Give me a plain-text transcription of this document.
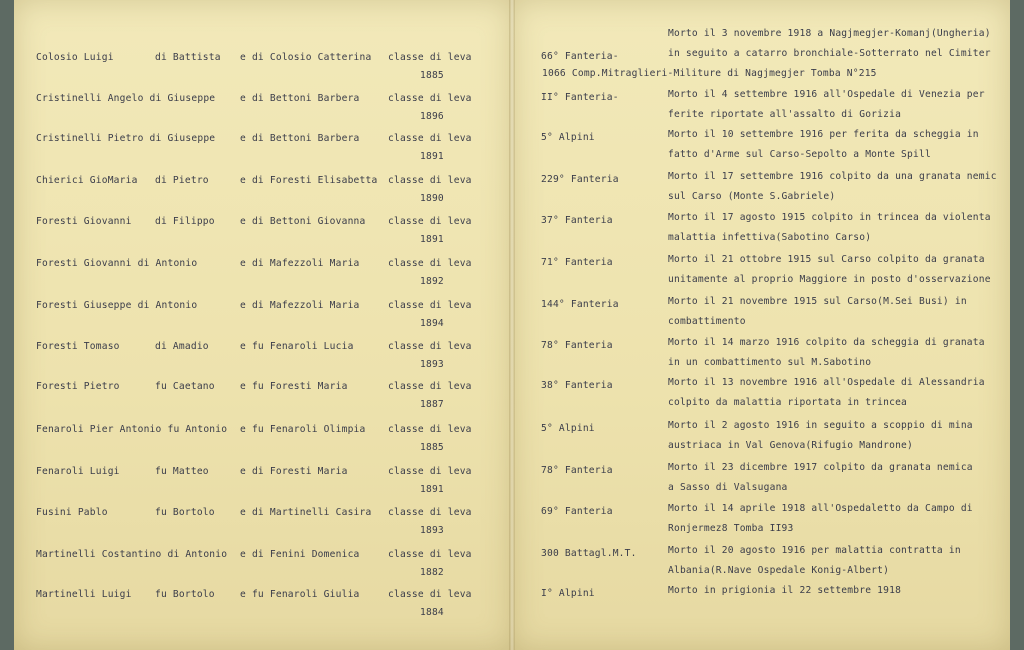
Colosio Luigi	di Battista e di Colosio Catterina classe di leva
1885
66° Fanteria-
Morto il 3 novembre 1918 a Nagjmegjer-Komanj(Ungheria)
in seguito a catarro bronchiale-Sotterrato nel Cimiter
1066 Comp.Mitraglieri-Militure di Nagjmegjer Tomba N°215
Cristinelli Angelo di Giuseppe	e di Bettoni Barbera	classe di leva
1896
II° Fanteria-	Morto il 4 settembre 1916 all'Ospedale di Venezia per
ferite riportate all'assalto di Gorizia
Cristinelli Pietro di Giuseppe	e di Bettoni Barbera	classe di leva
1891
5° Alpini	Morto il 10 settembre 1916 per ferita da scheggia in
fatto d'Arme sul Carso-Sepolto a Monte Spill
Chierici GioMaria di Pietro	e di Foresti Elisabetta classe di leva
1890
229° Fanteria	Morto il 17 settembre 1916 colpito da una granata nemic
sul Carso (Monte S.Gabriele)
Foresti Giovanni di Filippo	e di Bettoni Giovanna classe di leva
1891
37° Fanteria	Morto il 17 agosto 1915 colpito in trincea da violenta
malattia infettiva(Sabotino Carso)
Foresti Giovanni di Antonio	e di Mafezzoli Maria	classe di leva
1892
71° Fanteria	Morto il 21 ottobre 1915 sul Carso colpito da granata
unitamente al proprio Maggiore in posto d'osservazione
Foresti Giuseppe di Antonio	e di Mafezzoli Maria	classe di leva
1894
144° Fanteria	Morto il 21 novembre 1915 sul Carso(M.Sei Busi) in
combattimento
Foresti Tomaso	di Amadio	e fu Fenaroli Lucia	classe di leva
1893
78° Fanteria	Morto il 14 marzo 1916 colpito da scheggia di granata
in un combattimento sul M.Sabotino
Foresti Pietro	fu Caetano	e fu Foresti Maria	classe di leva
1887
38° Fanteria	Morto il 13 novembre 1916 all'Ospedale di Alessandria
colpito da malattia riportata in trincea
Fenaroli Pier Antonio fu Antonio e fu Fenaroli Olimpia classe di leva
1885
5° Alpini	Morto il 2 agosto 1916 in seguito a scoppio di mina
austriaca in Val Genova(Rifugio Mandrone)
Fenaroli Luigi	fu Matteo	e di Foresti Maria	classe di leva
1891
78° Fanteria	Morto il 23 dicembre 1917 colpito da granata nemica
a Sasso di Valsugana
Fusini Pablo	fu Bortolo	e di Martinelli Casira classe di leva
1893
69° Fanteria	Morto il 14 aprile 1918 all'Ospedaletto da Campo di
Ronjermez8 Tomba II93
Martinelli Costantino di Antonio e di Fenini Domenica	classe di leva
1882
300 Battagl.M.T.	Morto il 20 agosto 1916 per malattia contratta in
Albania(R.Nave Ospedale Konig-Albert)
Martinelli Luigi fu Bortolo	e fu Fenaroli Giulia	classe di leva
1884
I° Alpini	Morto in prigionia il 22 settembre 1918
